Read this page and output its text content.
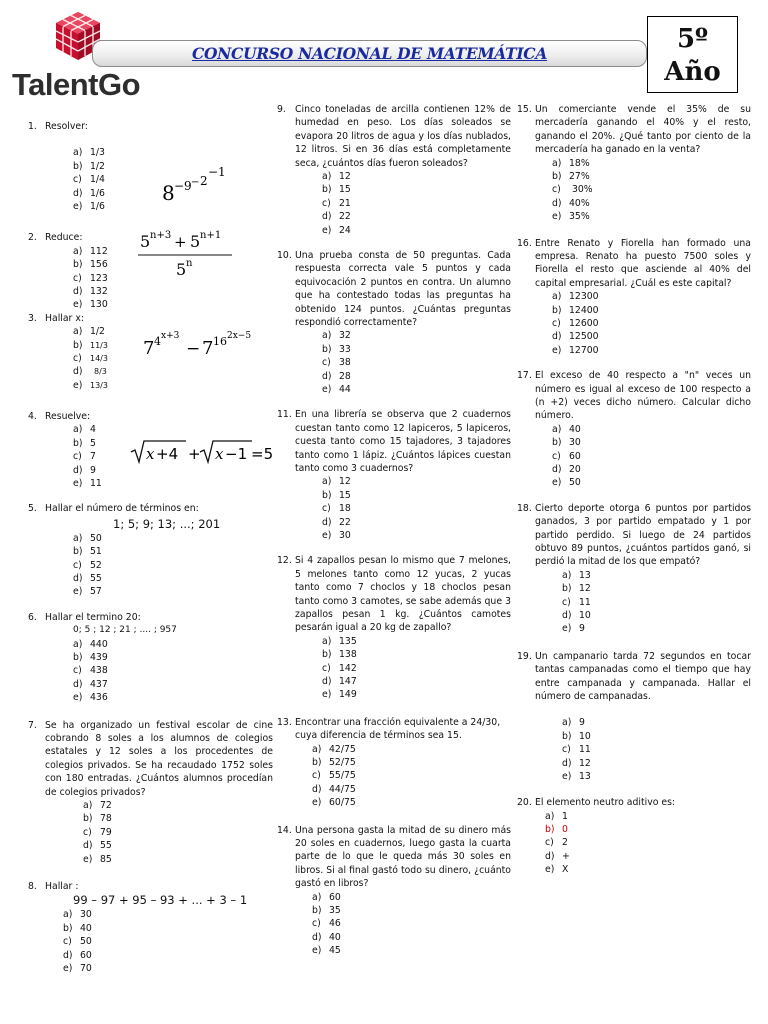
TalentGo
CONCURSO NACIONAL DE MATEMÁTICA	5º
Año
1. Resolver:
a) 1/3
b) 1/2
c) 1/4
d) 1/6
e) 1/6
8 −9 − 2
−1
2. Reduce:
a) 112
b) 156
c) 123
d) 132
e) 130
5 n+3 + 5 n+1
5 n
3. Hallar x:
a) 1/2
b) 11/3
c)	14/3
d)	8/3
e) 13/3
7 4 x+3
− 7 16 2x−5
4. Resuelve:
a) 4
b) 5
c) 7
d) 9
e) 11
x +4 + x −1 =5
5. Hallar el número de términos en:
1; 5; 9; 13; ...; 201
a) 50
b) 51
c) 52
d) 55
e) 57
6. Hallar el termino 20:
0; 5 ; 12 ; 21 ; .... ; 957
a) 440
b) 439
c) 438
d) 437
e) 436
7. Se ha organizado un festival escolar de cine cobrando 8 soles a los alumnos de colegios estatales y 12 soles a los procedentes de colegios privados. Se ha recaudado 1752 soles con 180 entradas. ¿Cuántos alumnos procedían de colegios privados?
a) 72
b) 78
c) 79
d) 55
e) 85
8. Hallar :
99 – 97 + 95 – 93 + ... + 3 – 1
a) 30
b) 40
c) 50
d) 60
e) 70
9. Cinco toneladas de arcilla contienen 12% de humedad en peso. Los días soleados se evapora 20 litros de agua y los días nublados, 12 litros. Si en 36 días está completamente seca, ¿cuántos días fueron soleados?
a) 12
b) 15
c) 21
d) 22
e) 24
10. Una prueba consta de 50 preguntas. Cada respuesta correcta vale 5 puntos y cada equivocación 2 puntos en contra. Un alumno que ha contestado todas las preguntas ha obtenido 124 puntos. ¿Cuántas preguntas respondió correctamente?
a) 32
b) 33
c) 38
d) 28
e) 44
11. En una librería se observa que 2 cuadernos cuestan tanto como 12 lapiceros, 5 lapiceros, cuesta tanto como 15 tajadores, 3 tajadores tanto como 1 lápiz. ¿Cuántos lápices cuestan tanto como 3 cuadernos?
a) 12
b) 15
c) 18
d) 22
e) 30
12. Si 4 zapallos pesan lo mismo que 7 melones, 5 melones tanto como 12 yucas, 2 yucas tanto como 7 choclos y 18 choclos pesan tanto como 3 camotes, se sabe además que 3 zapallos pesan 1 kg. ¿Cuántos camotes pesarán igual a 20 kg de zapallo?
a) 135
b) 138
c) 142
d) 147
e) 149
13. Encontrar una fracción equivalente a 24/30, cuya diferencia de términos sea 15.
a) 42/75
b) 52/75
c) 55/75
d) 44/75
e) 60/75
14. Una persona gasta la mitad de su dinero más 20 soles en cuadernos, luego gasta la cuarta parte de lo que le queda más 30 soles en libros. Si al final gastó todo su dinero, ¿cuánto gastó en libros?
a) 60
b) 35
c) 46
d) 40
e) 45
15. Un comerciante vende el 35% de su mercadería ganando el 40% y el resto, ganando el 20%. ¿Qué tanto por ciento de la mercadería ha ganado en la venta?
a) 18%
b) 27%
c) 30%
d) 40%
e) 35%
16. Entre Renato y Fiorella han formado una empresa. Renato ha puesto 7500 soles y Fiorella el resto que asciende al 40% del capital empresarial. ¿Cuál es este capital?
a) 12300
b) 12400
c) 12600
d) 12500
e) 12700
17. El exceso de 40 respecto a "n" veces un número es igual al exceso de 100 respecto a (n +2) veces dicho número. Calcular dicho número.
a) 40
b) 30
c) 60
d) 20
e) 50
18. Cierto deporte otorga 6 puntos por partidos ganados, 3 por partido empatado y 1 por partido perdido. Si luego de 24 partidos obtuvo 89 puntos, ¿cuántos partidos ganó, si perdió la mitad de los que empató?
a) 13
b) 12
c) 11
d) 10
e) 9
19. Un campanario tarda 72 segundos en tocar tantas campanadas como el tiempo que hay entre campanada y campanada. Hallar el número de campanadas.
a) 9
b) 10
c) 11
d) 12
e) 13
20. El elemento neutro aditivo es:
a) 1
b) 0
c) 2
d) +
e) X
